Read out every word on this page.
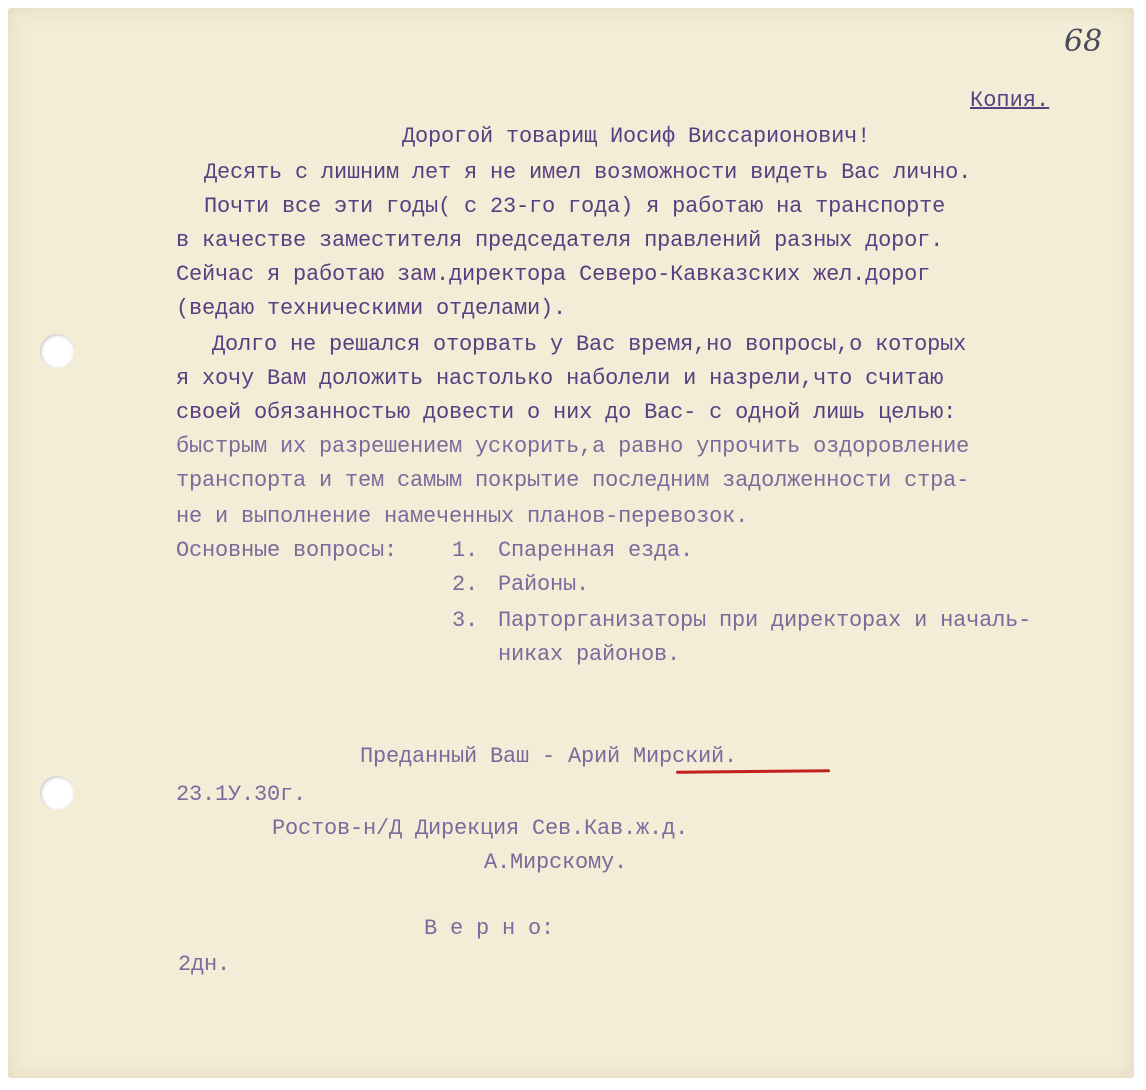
68
Копия.
Дорогой товарищ Иосиф Виссарионович!
Десять с лишним лет я не имел возможности видеть Вас лично.
Почти все эти годы( с 23-го года) я работаю на транспорте
в качестве заместителя председателя правлений разных дорог.
Сейчас я работаю зам.директора Северо-Кавказских жел.дорог
(ведаю техническими отделами).
Долго не решался оторвать у Вас время,но вопросы,о которых
я хочу Вам доложить настолько наболели и назрели,что считаю
своей обязанностью довести о них до Вас- с одной лишь целью:
быстрым их разрешением ускорить,а равно упрочить оздоровление
транспорта и тем самым покрытие последним задолженности стра-
не и выполнение намеченных планов-перевозок.
Основные вопросы: 1. Спаренная езда.
2. Районы.
3. Парторганизаторы при директорах и началь-
никах районов.
Преданный Ваш - Арий Мирский.
23.1У.30г.
Ростов-н/Д Дирекция Сев.Кав.ж.д.
А.Мирскому.
В е р н о:
2дн.
